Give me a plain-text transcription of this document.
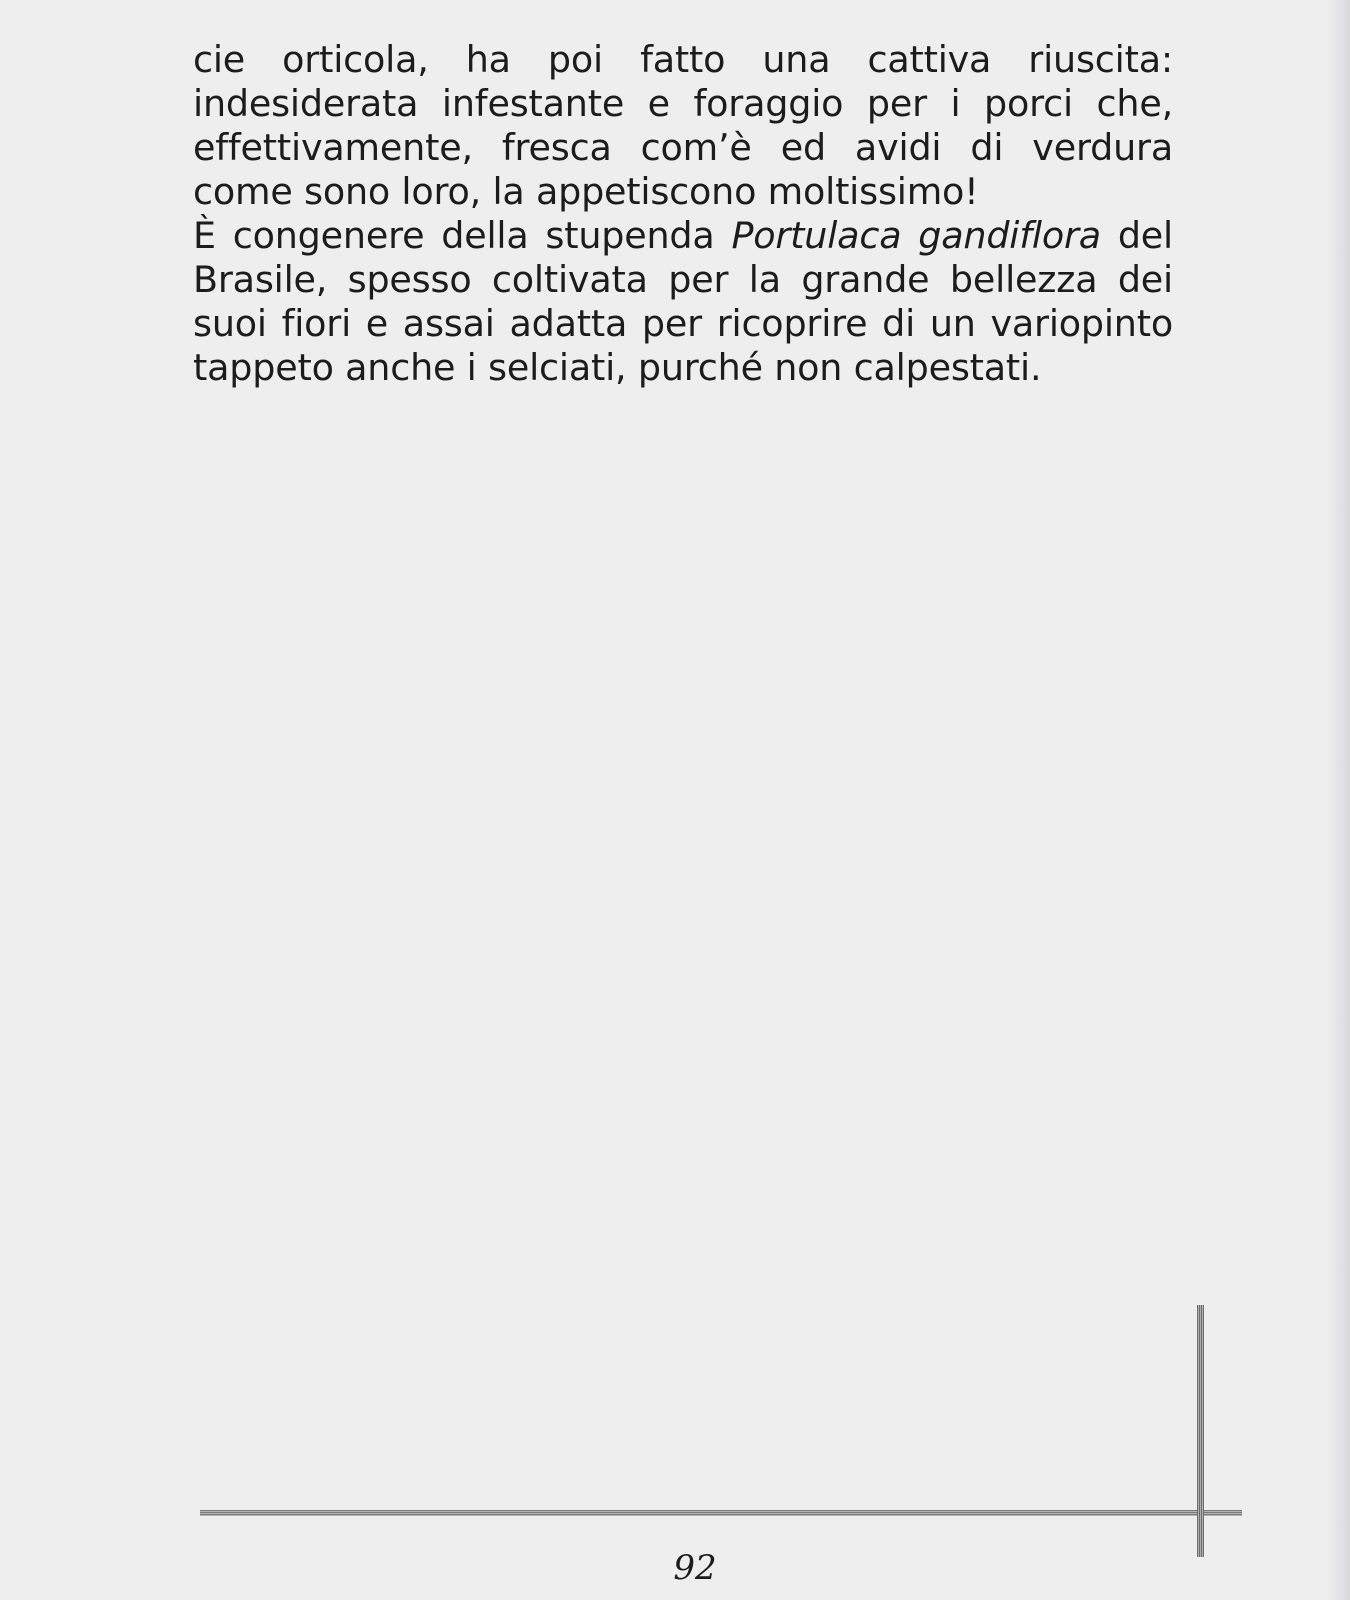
cie orticola, ha poi fatto una cattiva riuscita: indesiderata infestante e foraggio per i porci che, effettivamente, fresca com’è ed avidi di verdura come sono loro, la appetiscono moltissimo!

È congenere della stupenda Portulaca gandiflora del Brasile, spesso coltivata per la grande bellezza dei suoi fiori e assai adatta per ricoprire di un variopinto tappeto anche i selciati, purché non calpestati.

92
